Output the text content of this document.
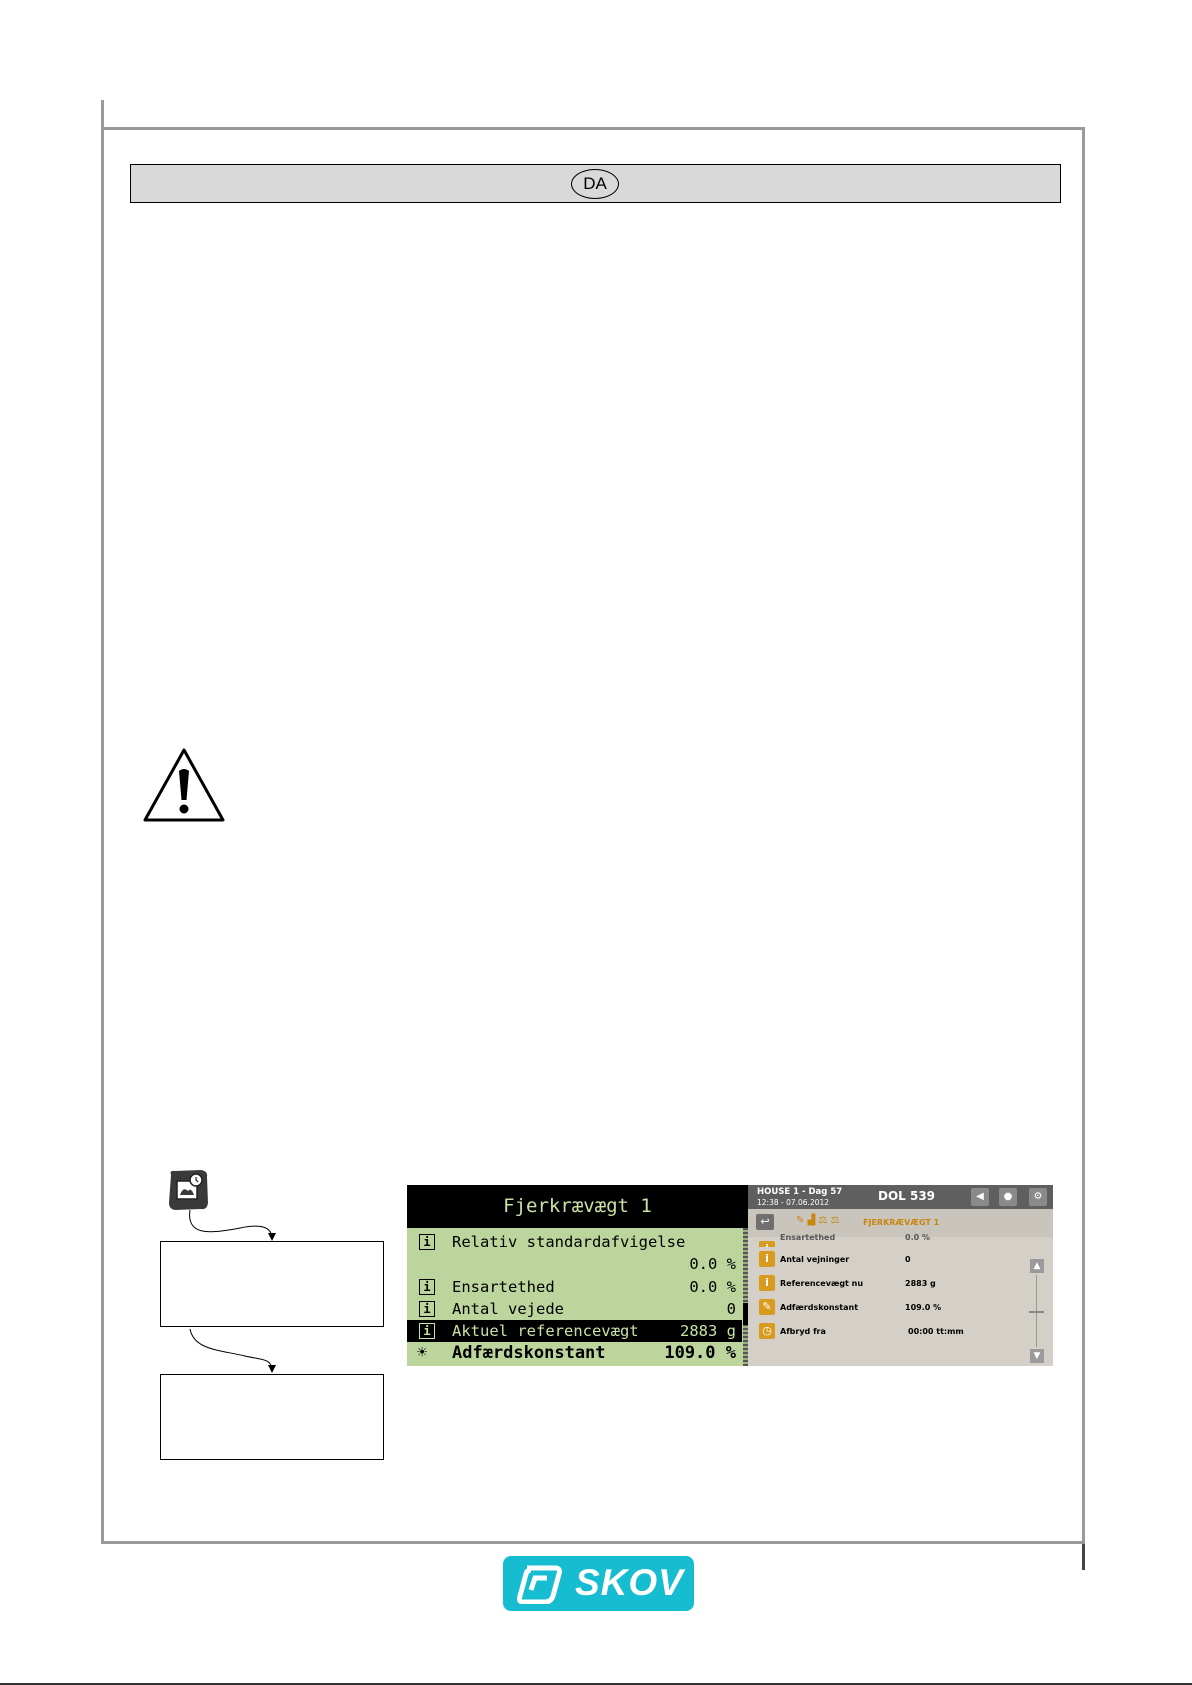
DA
Fjerkrævægt 1
i Relativ standardafvigelse
0.0 %
i Ensartethed	0.0 %
i Antal vejede	0
i Aktuel referencevægt	2883 g
☀ Adfærdskonstant	109.0 %
HOUSE 1 - Dag 57
12:38 - 07.06.2012	DOL 539	◀	●	⚙
↩	✎ ▟ ⚖ ⚖	FJERKRÆVÆGT 1
Ensartethed	0.0 %
i	Antal vejninger	0
i	Referencevægt nu	2883 g
✎	Adfærdskonstant	109.0 %
◷	Afbryd fra	00:00 tt:mm
▲
▼
SKOV
